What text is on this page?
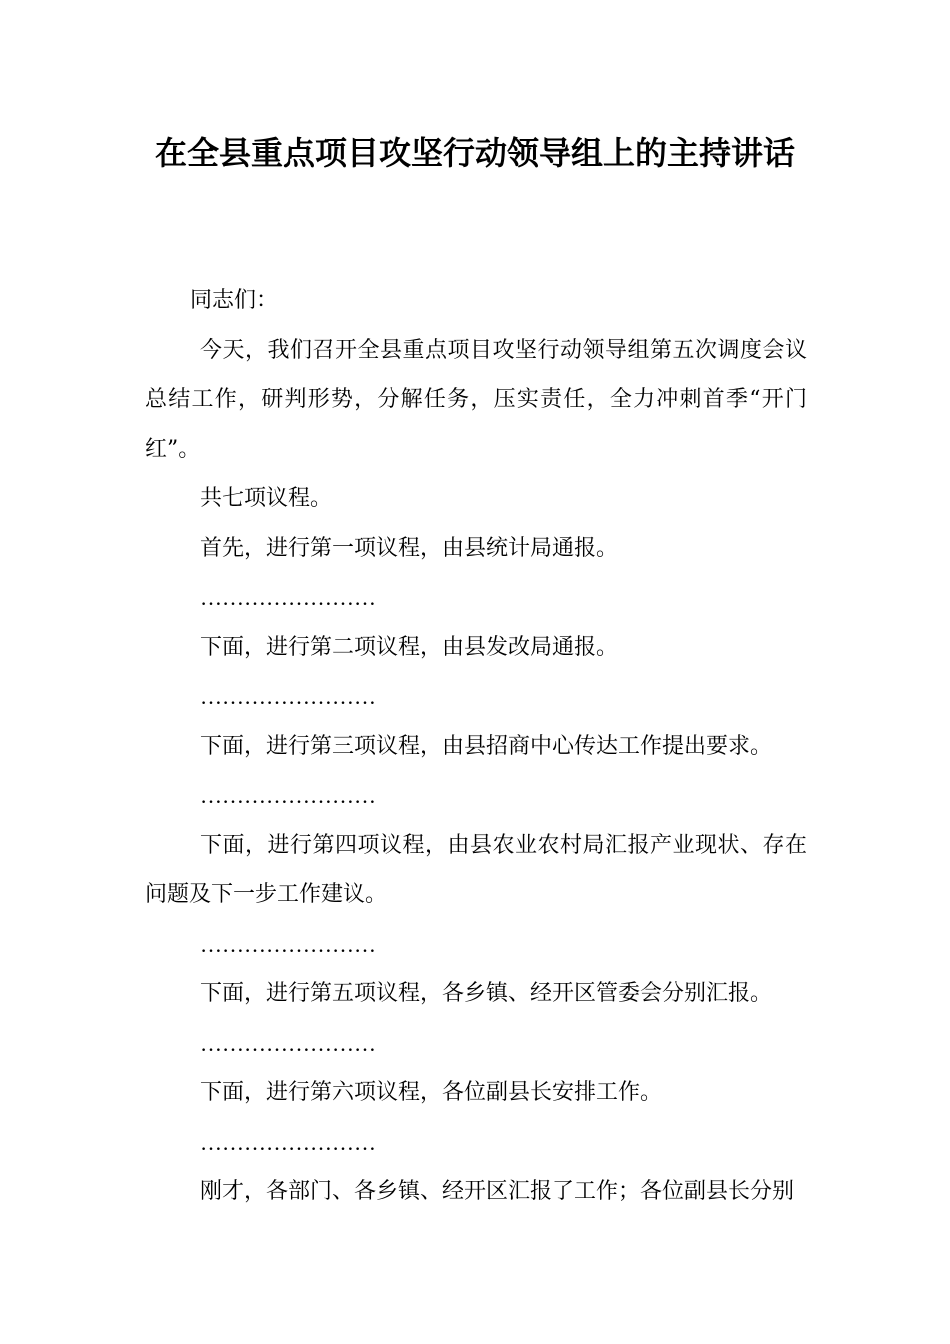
在全县重点项目攻坚行动领导组上的主持讲话

同志们：

今天，我们召开全县重点项目攻坚行动领导组第五次调度会议总结工作，研判形势，分解任务，压实责任，全力冲刺首季“开门红”。

共七项议程。

首先，进行第一项议程，由县统计局通报。

……………………

下面，进行第二项议程，由县发改局通报。

……………………

下面，进行第三项议程，由县招商中心传达工作提出要求。

……………………

下面，进行第四项议程，由县农业农村局汇报产业现状、存在问题及下一步工作建议。

……………………

下面，进行第五项议程，各乡镇、经开区管委会分别汇报。

……………………

下面，进行第六项议程，各位副县长安排工作。

……………………

刚才，各部门、各乡镇、经开区汇报了工作；各位副县长分别
